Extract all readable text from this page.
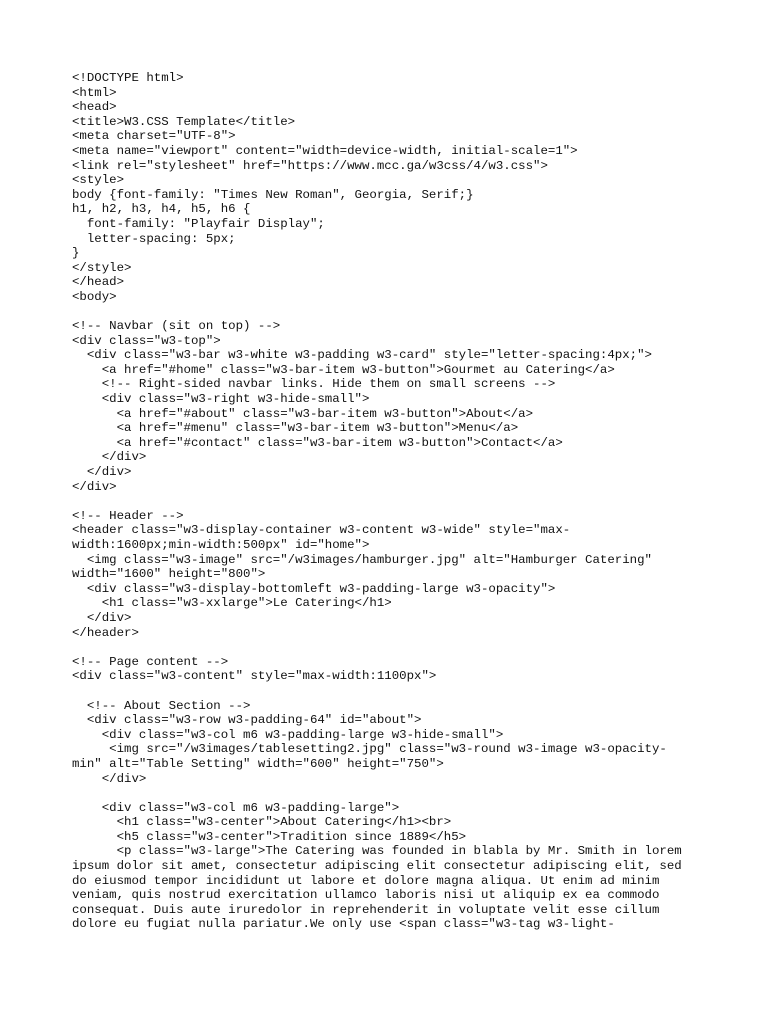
<!DOCTYPE html>
<html>
<head>
<title>W3.CSS Template</title>
<meta charset="UTF-8">
<meta name="viewport" content="width=device-width, initial-scale=1">
<link rel="stylesheet" href="https://www.mcc.ga/w3css/4/w3.css">
<style>
body {font-family: "Times New Roman", Georgia, Serif;}
h1, h2, h3, h4, h5, h6 {
font-family: "Playfair Display";
letter-spacing: 5px;
}
</style>
</head>
<body>
<!-- Navbar (sit on top) -->
<div class="w3-top">
<div class="w3-bar w3-white w3-padding w3-card" style="letter-spacing:4px;">
<a href="#home" class="w3-bar-item w3-button">Gourmet au Catering</a>
<!-- Right-sided navbar links. Hide them on small screens -->
<div class="w3-right w3-hide-small">
<a href="#about" class="w3-bar-item w3-button">About</a>
<a href="#menu" class="w3-bar-item w3-button">Menu</a>
<a href="#contact" class="w3-bar-item w3-button">Contact</a>
</div>
</div>
</div>
<!-- Header -->
<header class="w3-display-container w3-content w3-wide" style="max-
width:1600px;min-width:500px" id="home">
<img class="w3-image" src="/w3images/hamburger.jpg" alt="Hamburger Catering"
width="1600" height="800">
<div class="w3-display-bottomleft w3-padding-large w3-opacity">
<h1 class="w3-xxlarge">Le Catering</h1>
</div>
</header>
<!-- Page content -->
<div class="w3-content" style="max-width:1100px">
<!-- About Section -->
<div class="w3-row w3-padding-64" id="about">
<div class="w3-col m6 w3-padding-large w3-hide-small">
<img src="/w3images/tablesetting2.jpg" class="w3-round w3-image w3-opacity-
min" alt="Table Setting" width="600" height="750">
</div>
<div class="w3-col m6 w3-padding-large">
<h1 class="w3-center">About Catering</h1><br>
<h5 class="w3-center">Tradition since 1889</h5>
<p class="w3-large">The Catering was founded in blabla by Mr. Smith in lorem
ipsum dolor sit amet, consectetur adipiscing elit consectetur adipiscing elit, sed
do eiusmod tempor incididunt ut labore et dolore magna aliqua. Ut enim ad minim
veniam, quis nostrud exercitation ullamco laboris nisi ut aliquip ex ea commodo
consequat. Duis aute iruredolor in reprehenderit in voluptate velit esse cillum
dolore eu fugiat nulla pariatur.We only use <span class="w3-tag w3-light-
